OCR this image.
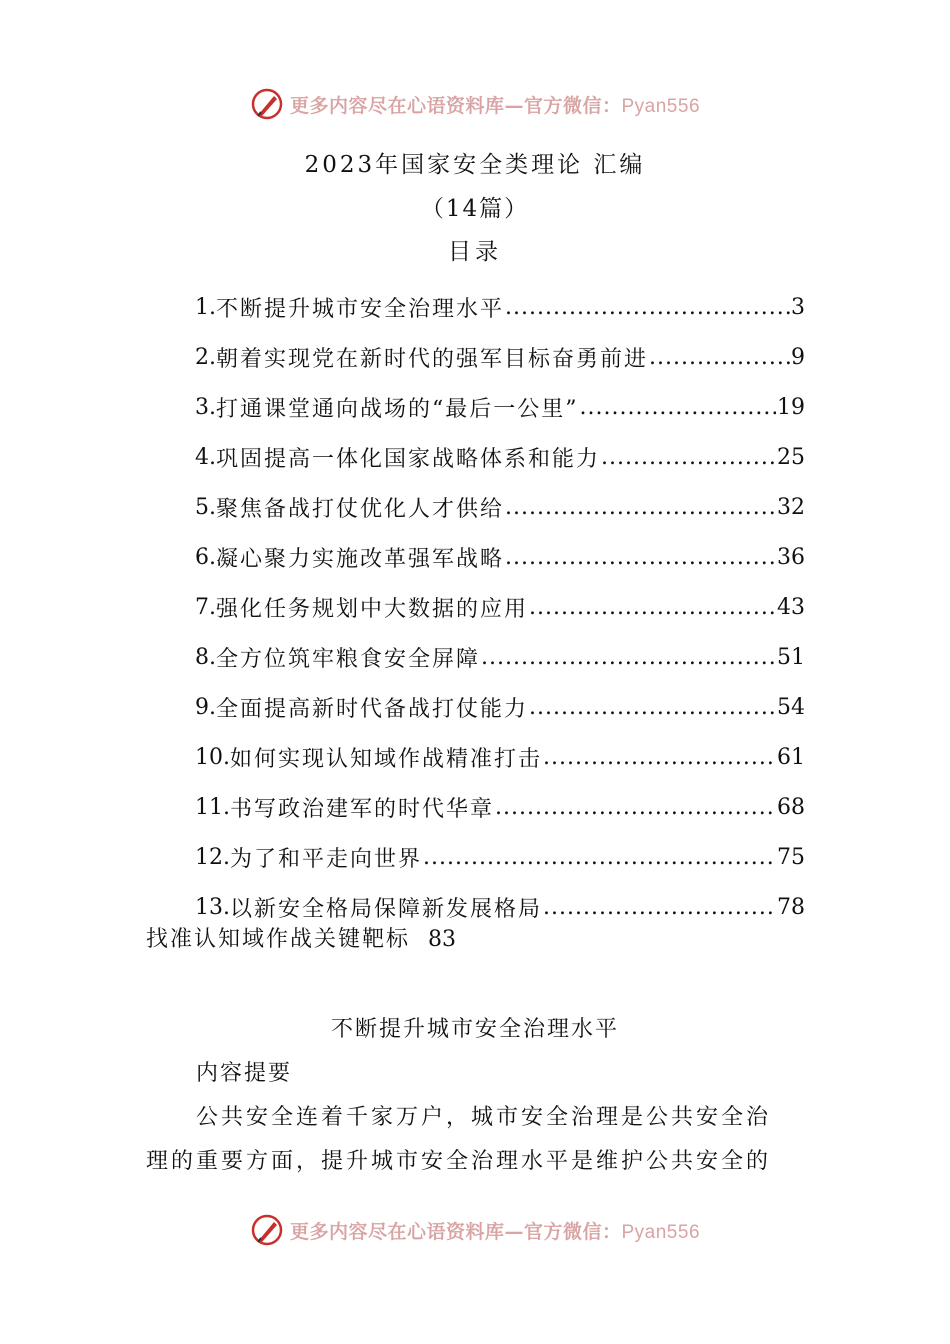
更多内容尽在心语资料库—官方微信：Pyan556
2023年国家安全类理论 汇编
（14篇）
目录
1. 不断提升城市安全治理水平 .....	3
2. 朝着实现党在新时代的强军目标奋勇前进 .....	9
3. 打通课堂通向战场的“最后一公里” .....	19
4. 巩固提高一体化国家战略体系和能力 .....	25
5. 聚焦备战打仗优化人才供给 .....	32
6. 凝心聚力实施改革强军战略 .....	36
7. 强化任务规划中大数据的应用 .....	43
8. 全方位筑牢粮食安全屏障 .....	51
9. 全面提高新时代备战打仗能力 .....	54
10. 如何实现认知域作战精准打击 .....	61
11. 书写政治建军的时代华章 .....	68
12. 为了和平走向世界 .....	75
13. 以新安全格局保障新发展格局 .....	78
找准认知域作战关键靶标 83
不断提升城市安全治理水平
内容提要
公共安全连着千家万户，城市安全治理是公共安全治
理的重要方面，提升城市安全治理水平是维护公共安全的
更多内容尽在心语资料库—官方微信：Pyan556
